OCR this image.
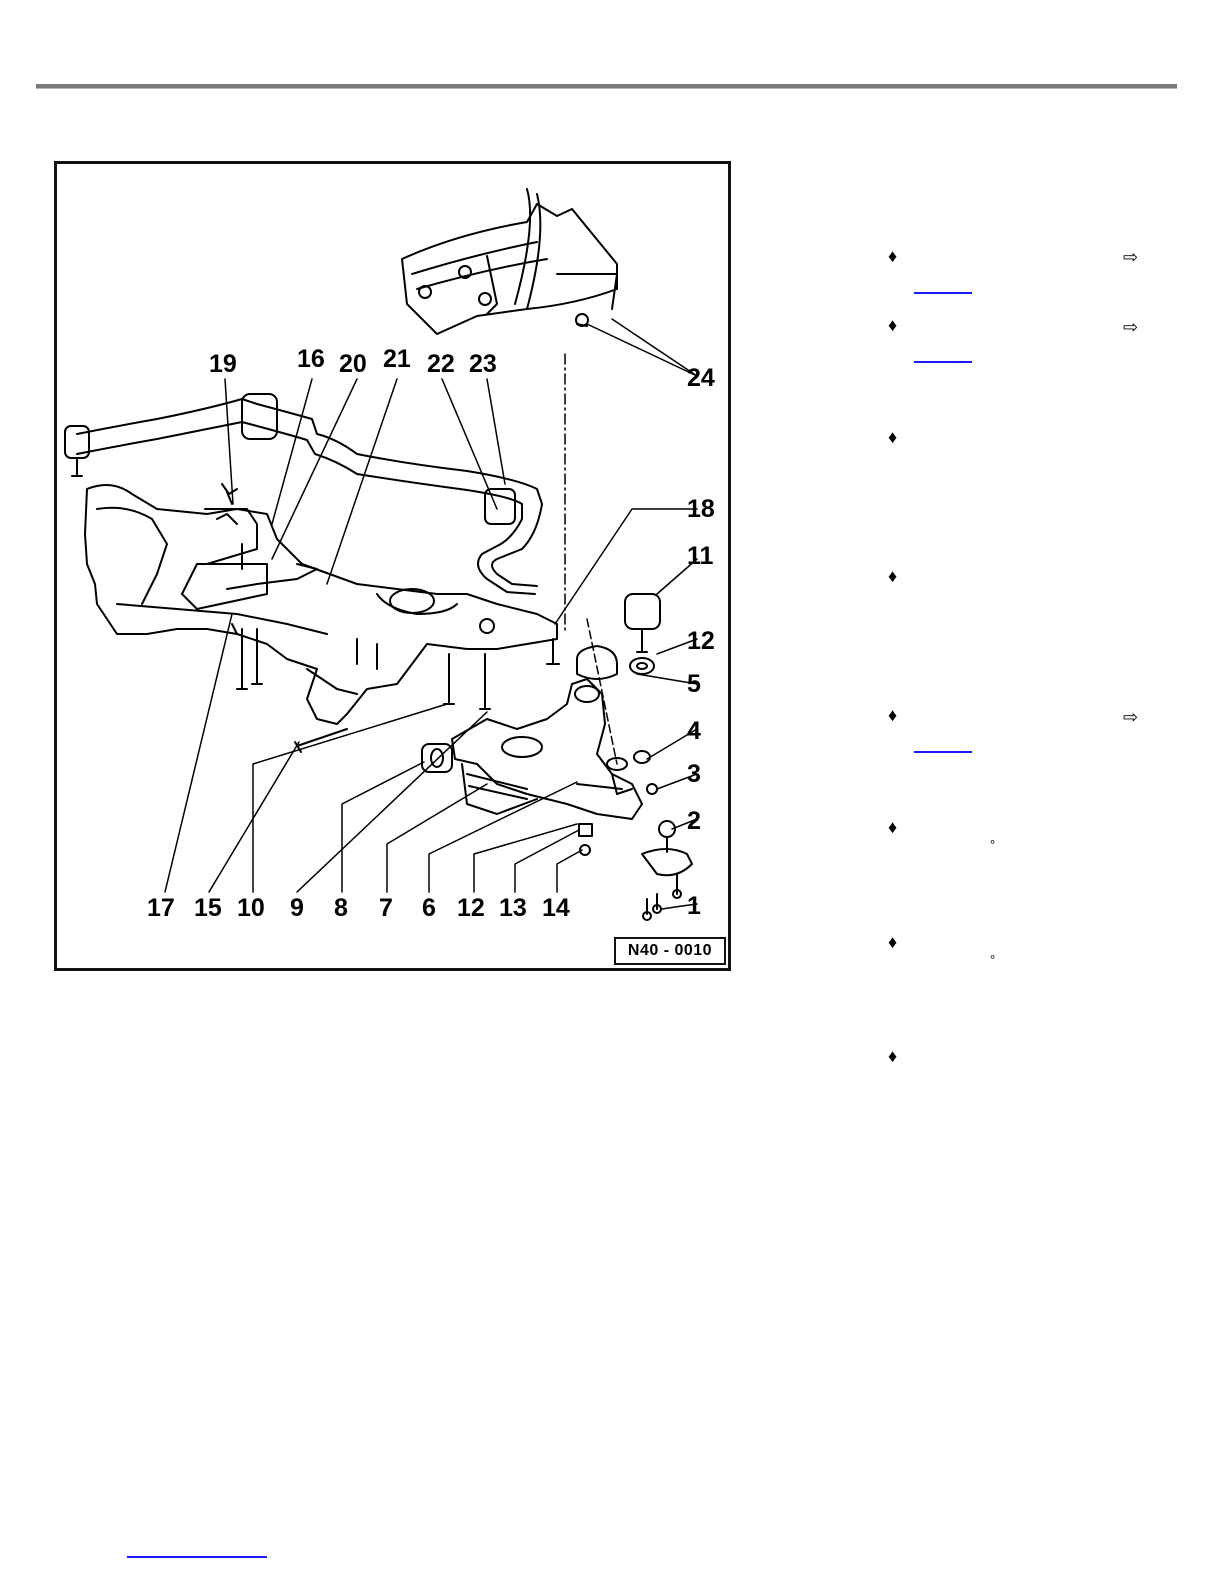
19 16 20 21 22 23	24
18
11
12
5
4
3
2
1
17 15 10 9 8 7 6 12 13 14
N40 - 0010
♦	⇨
♦	⇨
♦
♦
♦	⇨
♦
°
♦
°
♦
